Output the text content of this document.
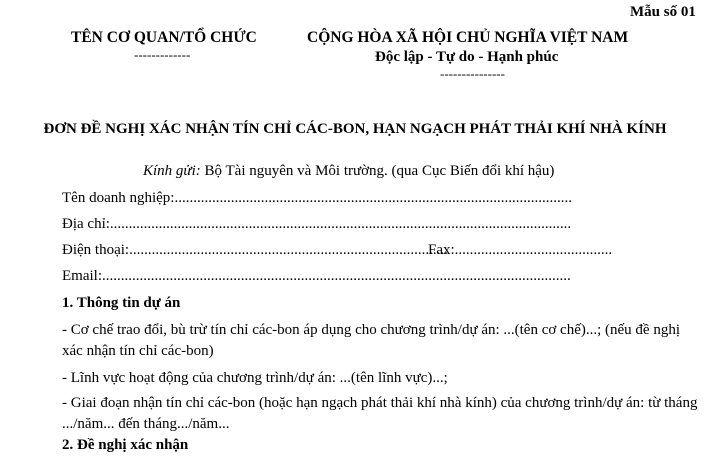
Mẫu số 01
TÊN CƠ QUAN/TỔ CHỨC
-------------
CỘNG HÒA XÃ HỘI CHỦ NGHĨA VIỆT NAM
Độc lập - Tự do - Hạnh phúc
---------------
ĐƠN ĐỀ NGHỊ XÁC NHẬN TÍN CHỈ CÁC-BON, HẠN NGẠCH PHÁT THẢI KHÍ NHÀ KÍNH
Kính gửi: Bộ Tài nguyên và Môi trường. (qua Cục Biến đổi khí hậu)
Tên doanh nghiệp:..........................................................................................................
Địa chỉ:...........................................................................................................................
Điện thoại:.....................................................................................
Fax:..........................................
Email:.............................................................................................................................
1. Thông tin dự án
- Cơ chế trao đổi, bù trừ tín chỉ các-bon áp dụng cho chương trình/dự án: ...(tên cơ chế)...; (nếu đề nghị xác nhận tín chỉ các-bon)
- Lĩnh vực hoạt động của chương trình/dự án: ...(tên lĩnh vực)...;
- Giai đoạn nhận tín chỉ các-bon (hoặc hạn ngạch phát thải khí nhà kính) của chương trình/dự án: từ tháng .../năm... đến tháng.../năm...
2. Đề nghị xác nhận
